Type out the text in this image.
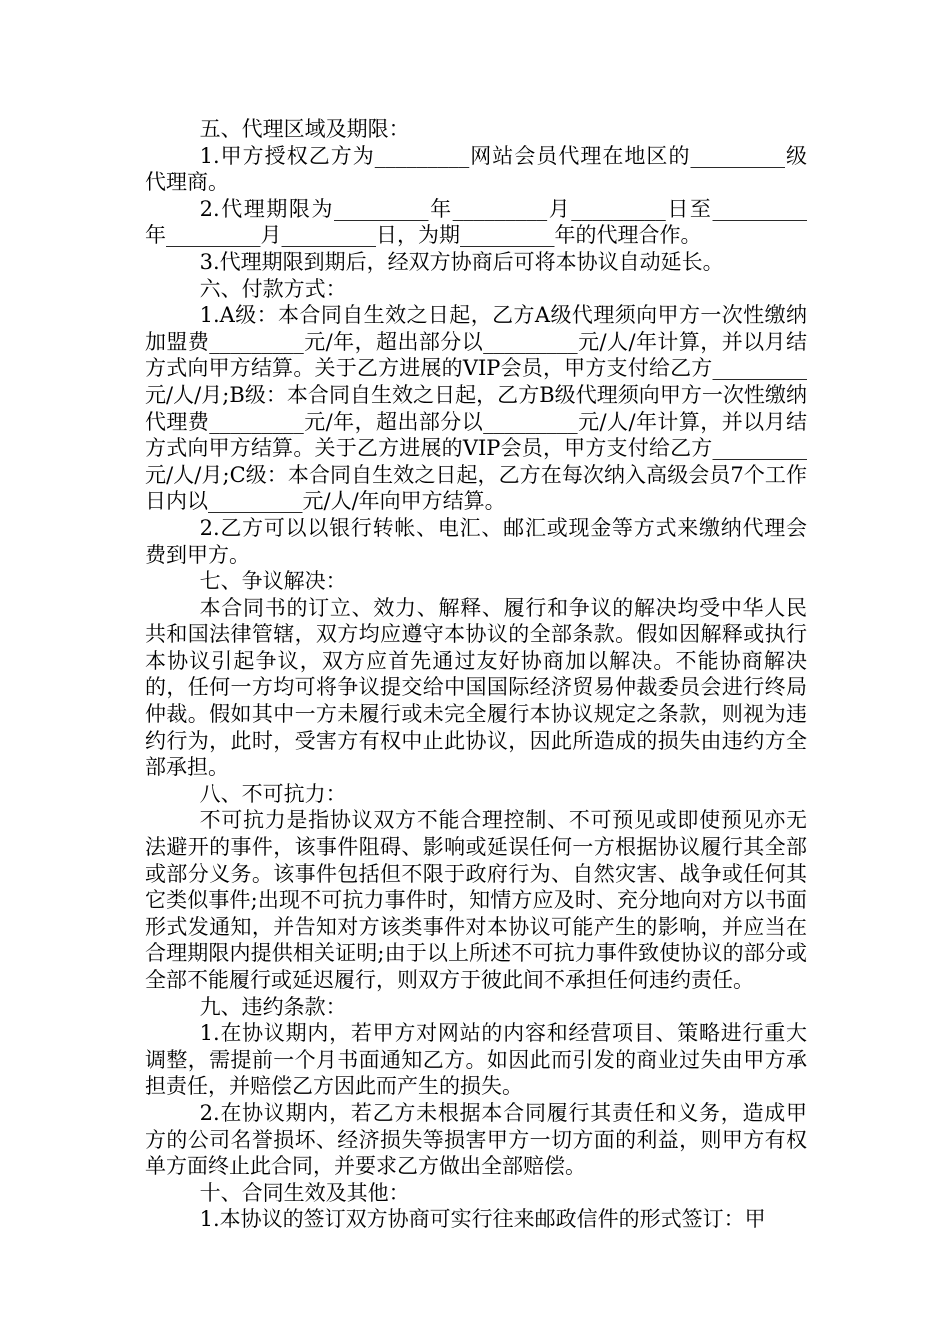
五、代理区域及期限：

1.甲方授权乙方为_________网站会员代理在地区的_________级代理商。

2.代理期限为_________年_________月_________日至_________年_________月_________日，为期_________年的代理合作。

3.代理期限到期后，经双方协商后可将本协议自动延长。

六、付款方式：

1.A级：本合同自生效之日起，乙方A级代理须向甲方一次性缴纳加盟费_________元/年，超出部分以_________元/人/年计算，并以月结方式向甲方结算。关于乙方进展的VIP会员，甲方支付给乙方_________元/人/月;B级：本合同自生效之日起，乙方B级代理须向甲方一次性缴纳代理费_________元/年，超出部分以_________元/人/年计算，并以月结方式向甲方结算。关于乙方进展的VIP会员，甲方支付给乙方_________元/人/月;C级：本合同自生效之日起，乙方在每次纳入高级会员7个工作日内以_________元/人/年向甲方结算。

2.乙方可以以银行转帐、电汇、邮汇或现金等方式来缴纳代理会费到甲方。

七、争议解决：

本合同书的订立、效力、解释、履行和争议的解决均受中华人民共和国法律管辖，双方均应遵守本协议的全部条款。假如因解释或执行本协议引起争议，双方应首先通过友好协商加以解决。不能协商解决的，任何一方均可将争议提交给中国国际经济贸易仲裁委员会进行终局仲裁。假如其中一方未履行或未完全履行本协议规定之条款，则视为违约行为，此时，受害方有权中止此协议，因此所造成的损失由违约方全部承担。

八、不可抗力：

不可抗力是指协议双方不能合理控制、不可预见或即使预见亦无法避开的事件，该事件阻碍、影响或延误任何一方根据协议履行其全部或部分义务。该事件包括但不限于政府行为、自然灾害、战争或任何其它类似事件;出现不可抗力事件时，知情方应及时、充分地向对方以书面形式发通知，并告知对方该类事件对本协议可能产生的影响，并应当在合理期限内提供相关证明;由于以上所述不可抗力事件致使协议的部分或全部不能履行或延迟履行，则双方于彼此间不承担任何违约责任。

九、违约条款：

1.在协议期内，若甲方对网站的内容和经营项目、策略进行重大调整，需提前一个月书面通知乙方。如因此而引发的商业过失由甲方承担责任，并赔偿乙方因此而产生的损失。

2.在协议期内，若乙方未根据本合同履行其责任和义务，造成甲方的公司名誉损坏、经济损失等损害甲方一切方面的利益，则甲方有权单方面终止此合同，并要求乙方做出全部赔偿。

十、合同生效及其他：

1.本协议的签订双方协商可实行往来邮政信件的形式签订：甲
